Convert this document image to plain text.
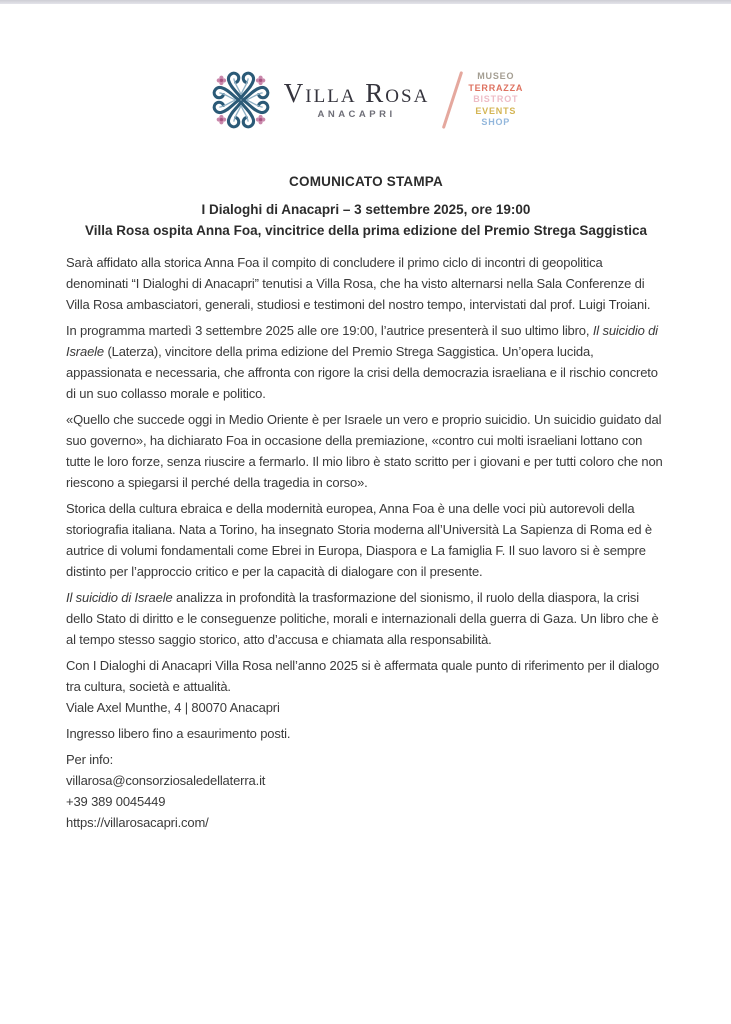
Villa Rosa
ANACAPRI
MUSEO
TERRAZZA
BISTROT
EVENTS
SHOP
COMUNICATO STAMPA

I Dialoghi di Anacapri – 3 settembre 2025, ore 19:00
Villa Rosa ospita Anna Foa, vincitrice della prima edizione del Premio Strega Saggistica

Sarà affidato alla storica Anna Foa il compito di concludere il primo ciclo di incontri di geopolitica denominati “I Dialoghi di Anacapri” tenutisi a Villa Rosa, che ha visto alternarsi nella Sala Conferenze di Villa Rosa ambasciatori, generali, studiosi e testimoni del nostro tempo, intervistati dal prof. Luigi Troiani.

In programma martedì 3 settembre 2025 alle ore 19:00, l’autrice presenterà il suo ultimo libro, Il suicidio di Israele (Laterza), vincitore della prima edizione del Premio Strega Saggistica. Un’opera lucida, appassionata e necessaria, che affronta con rigore la crisi della democrazia israeliana e il rischio concreto di un suo collasso morale e politico.

«Quello che succede oggi in Medio Oriente è per Israele un vero e proprio suicidio. Un suicidio guidato dal suo governo», ha dichiarato Foa in occasione della premiazione, «contro cui molti israeliani lottano con tutte le loro forze, senza riuscire a fermarlo. Il mio libro è stato scritto per i giovani e per tutti coloro che non riescono a spiegarsi il perché della tragedia in corso».

Storica della cultura ebraica e della modernità europea, Anna Foa è una delle voci più autorevoli della storiografia italiana. Nata a Torino, ha insegnato Storia moderna all’Università La Sapienza di Roma ed è autrice di volumi fondamentali come Ebrei in Europa, Diaspora e La famiglia F. Il suo lavoro si è sempre distinto per l’approccio critico e per la capacità di dialogare con il presente.

Il suicidio di Israele analizza in profondità la trasformazione del sionismo, il ruolo della diaspora, la crisi dello Stato di diritto e le conseguenze politiche, morali e internazionali della guerra di Gaza. Un libro che è al tempo stesso saggio storico, atto d’accusa e chiamata alla responsabilità.

Con I Dialoghi di Anacapri Villa Rosa nell’anno 2025 si è affermata quale punto di riferimento per il dialogo tra cultura, società e attualità.
Viale Axel Munthe, 4 | 80070 Anacapri

Ingresso libero fino a esaurimento posti.

Per info:
villarosa@consorziosaledellaterra.it
+39 389 0045449
https://villarosacapri.com/
